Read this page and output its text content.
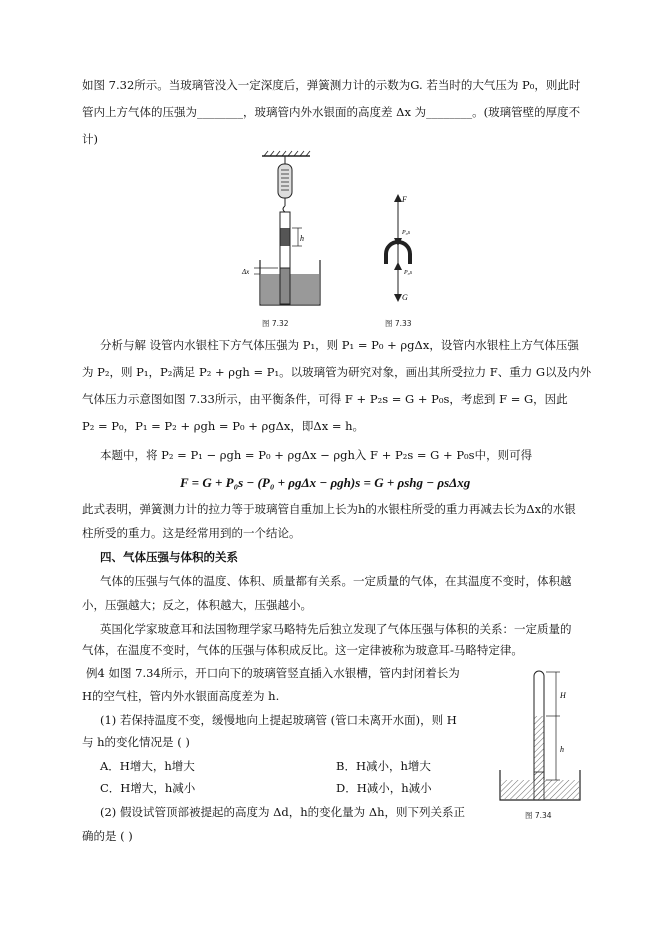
如图 7.32所示。当玻璃管没入一定深度后，弹簧测力计的示数为G. 若当时的大气压为 P₀，则此时
管内上方气体的压强为________，玻璃管内外水银面的高度差 Δx 为________。(玻璃管壁的厚度不
计)
h
Δx
图 7.32
F
P₀s
P₀s
G
图 7.33
分析与解 设管内水银柱下方气体压强为 P₁，则 P₁ = P₀ + ρgΔx，设管内水银柱上方气体压强
为 P₂，则 P₁，P₂满足 P₂ + ρgh = P₁。以玻璃管为研究对象，画出其所受拉力 F、重力 G以及内外
气体压力示意图如图 7.33所示，由平衡条件，可得 F + P₂s = G + P₀s，考虑到 F = G，因此
P₂ = P₀，P₁ = P₂ + ρgh = P₀ + ρgΔx，即Δx = h。
本题中，将 P₂ = P₁ − ρgh = P₀ + ρgΔx − ρgh入 F + P₂s = G + P₀s中，则可得
F = G + P₀s − (P₀ + ρgΔx − ρgh)s = G + ρshg − ρsΔxg
此式表明，弹簧测力计的拉力等于玻璃管自重加上长为h的水银柱所受的重力再减去长为Δx的水银
柱所受的重力。这是经常用到的一个结论。
四、气体压强与体积的关系
气体的压强与气体的温度、体积、质量都有关系。一定质量的气体，在其温度不变时，体积越
小，压强越大；反之，体积越大，压强越小。
英国化学家玻意耳和法国物理学家马略特先后独立发现了气体压强与体积的关系：一定质量的
气体，在温度不变时，气体的压强与体积成反比。这一定律被称为玻意耳-马略特定律。
例4 如图 7.34所示，开口向下的玻璃管竖直插入水银槽，管内封闭着长为
H的空气柱，管内外水银面高度差为 h.
(1) 若保持温度不变，缓慢地向上提起玻璃管 (管口未离开水面)，则 H
与 h的变化情况是 ( )
A．H增大，h增大	B．H减小，h增大
C．H增大，h减小	D．H减小，h减小
(2) 假设试管顶部被提起的高度为 Δd，h的变化量为 Δh，则下列关系正
确的是 ( )
H
h
图 7.34
